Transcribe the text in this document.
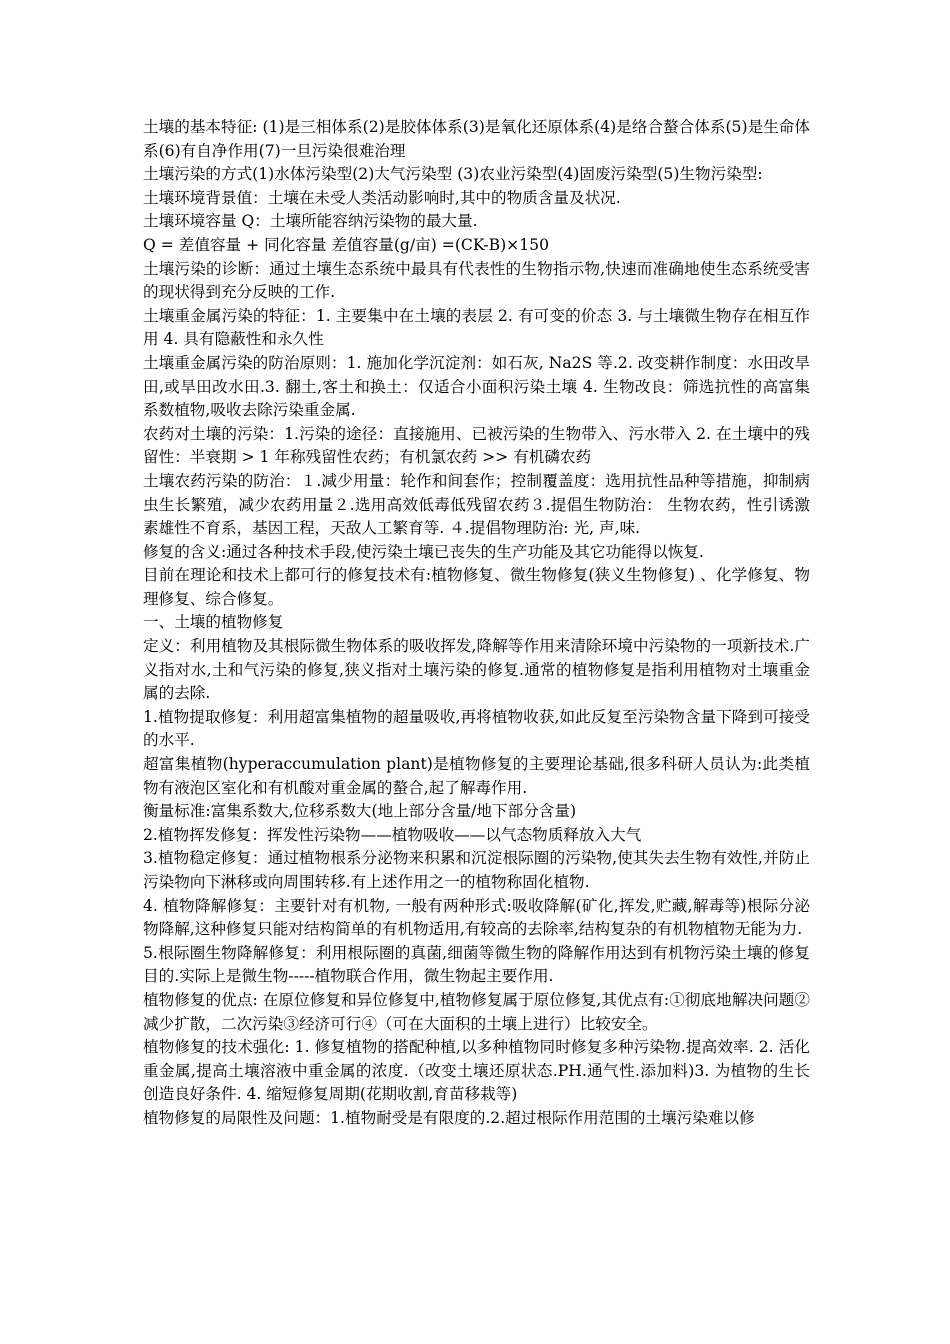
土壤的基本特征: (1)是三相体系(2)是胶体体系(3)是氧化还原体系(4)是络合螯合体系(5)是生命体系(6)有自净作用(7)一旦污染很难治理

土壤污染的方式(1)水体污染型(2)大气污染型 (3)农业污染型(4)固废污染型(5)生物污染型:

土壤环境背景值：土壤在未受人类活动影响时,其中的物质含量及状况.

土壤环境容量 Q：土壤所能容纳污染物的最大量.

Q = 差值容量 + 同化容量 差值容量(g/亩) =(CK-B)×150

土壤污染的诊断：通过土壤生态系统中最具有代表性的生物指示物,快速而准确地使生态系统受害的现状得到充分反映的工作.

土壤重金属污染的特征：1. 主要集中在土壤的表层 2. 有可变的价态 3. 与土壤微生物存在相互作用 4. 具有隐蔽性和永久性

土壤重金属污染的防治原则：1. 施加化学沉淀剂：如石灰, Na2S 等.2. 改变耕作制度：水田改旱田,或旱田改水田.3. 翻土,客土和换土：仅适合小面积污染土壤 4. 生物改良：筛选抗性的高富集系数植物,吸收去除污染重金属.

农药对土壤的污染：1.污染的途径：直接施用、已被污染的生物带入、污水带入 2. 在土壤中的残留性：半衰期 > 1 年称残留性农药；有机氯农药 >> 有机磷农药

土壤农药污染的防治：１.减少用量：轮作和间套作；控制覆盖度：选用抗性品种等措施，抑制病虫生长繁殖，减少农药用量２.选用高效低毒低残留农药３.提倡生物防治： 生物农药，性引诱激素雄性不育系，基因工程，天敌人工繁育等. ４.提倡物理防治: 光, 声,味.

修复的含义:通过各种技术手段,使污染土壤已丧失的生产功能及其它功能得以恢复.

目前在理论和技术上都可行的修复技术有:植物修复、微生物修复(狭义生物修复) 、化学修复、物理修复、综合修复。

一、土壤的植物修复

定义：利用植物及其根际微生物体系的吸收挥发,降解等作用来清除环境中污染物的一项新技术.广义指对水,土和气污染的修复,狭义指对土壤污染的修复.通常的植物修复是指利用植物对土壤重金属的去除.

1.植物提取修复：利用超富集植物的超量吸收,再将植物收获,如此反复至污染物含量下降到可接受的水平.

超富集植物(hyperaccumulation plant)是植物修复的主要理论基础,很多科研人员认为:此类植物有液泡区室化和有机酸对重金属的螯合,起了解毒作用.

衡量标准:富集系数大,位移系数大(地上部分含量/地下部分含量)

2.植物挥发修复：挥发性污染物——植物吸收——以气态物质释放入大气

3.植物稳定修复：通过植物根系分泌物来积累和沉淀根际圈的污染物,使其失去生物有效性,并防止污染物向下淋移或向周围转移.有上述作用之一的植物称固化植物.

4. 植物降解修复：主要针对有机物, 一般有两种形式:吸收降解(矿化,挥发,贮藏,解毒等)根际分泌物降解,这种修复只能对结构简单的有机物适用,有较高的去除率,结构复杂的有机物植物无能为力.

5.根际圈生物降解修复：利用根际圈的真菌,细菌等微生物的降解作用达到有机物污染土壤的修复目的.实际上是微生物-----植物联合作用，微生物起主要作用.

植物修复的优点: 在原位修复和异位修复中,植物修复属于原位修复,其优点有:①彻底地解决问题②减少扩散，二次污染③经济可行④（可在大面积的土壤上进行）比较安全。

植物修复的技术强化: 1. 修复植物的搭配种植,以多种植物同时修复多种污染物.提高效率. 2. 活化重金属,提高土壤溶液中重金属的浓度.（改变土壤还原状态.PH.通气性.添加料)3. 为植物的生长创造良好条件. 4. 缩短修复周期(花期收割,育苗移栽等)

植物修复的局限性及问题：1.植物耐受是有限度的.2.超过根际作用范围的土壤污染难以修
